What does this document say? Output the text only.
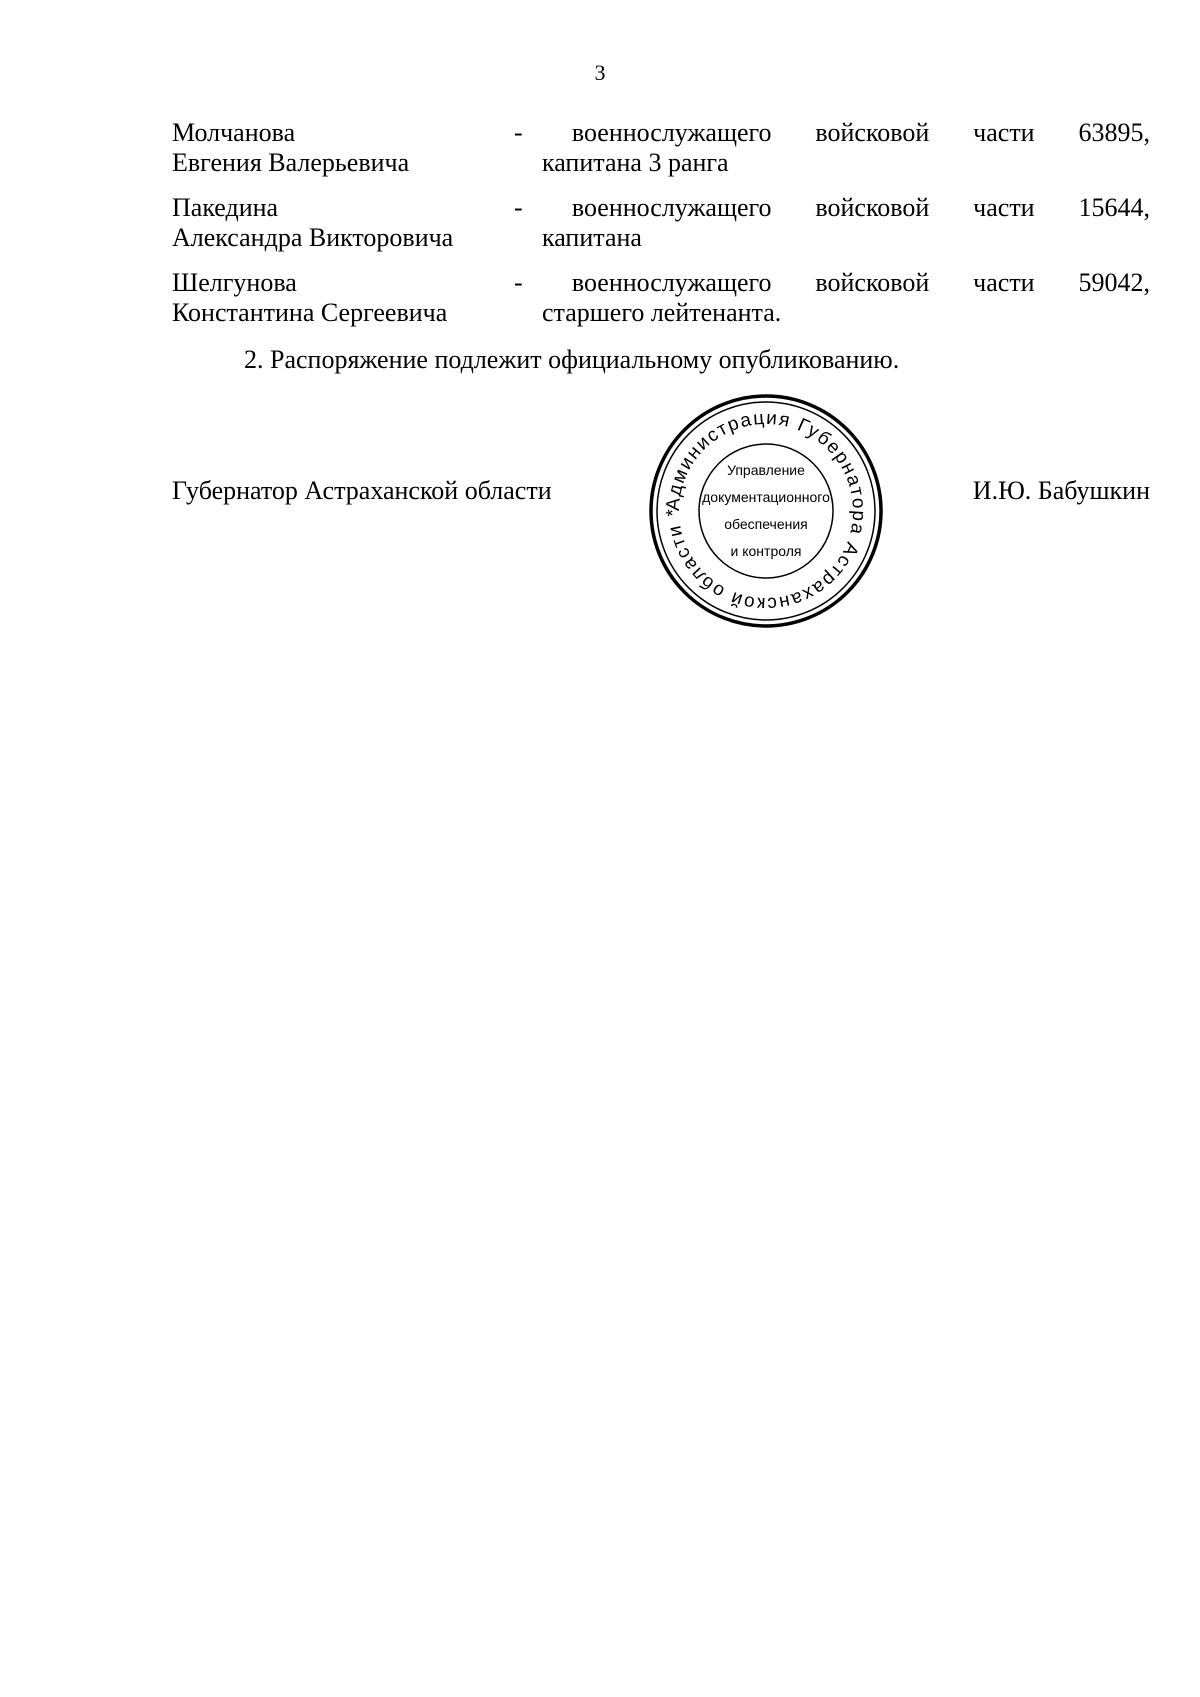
3
Молчанова
Евгения Валерьевича
- военнослужащего войсковой части 63895,
капитана 3 ранга
Пакедина
Александра Викторовича
- военнослужащего войсковой части 15644,
капитана
Шелгунова
Константина Сергеевича
- военнослужащего войсковой части 59042,
старшего лейтенанта.
2. Распоряжение подлежит официальному опубликованию.
Губернатор Астраханской области	И.Ю. Бабушкин
Администрация Губернатора Астраханской области *
Управление
документационного
обеспечения
и контроля
